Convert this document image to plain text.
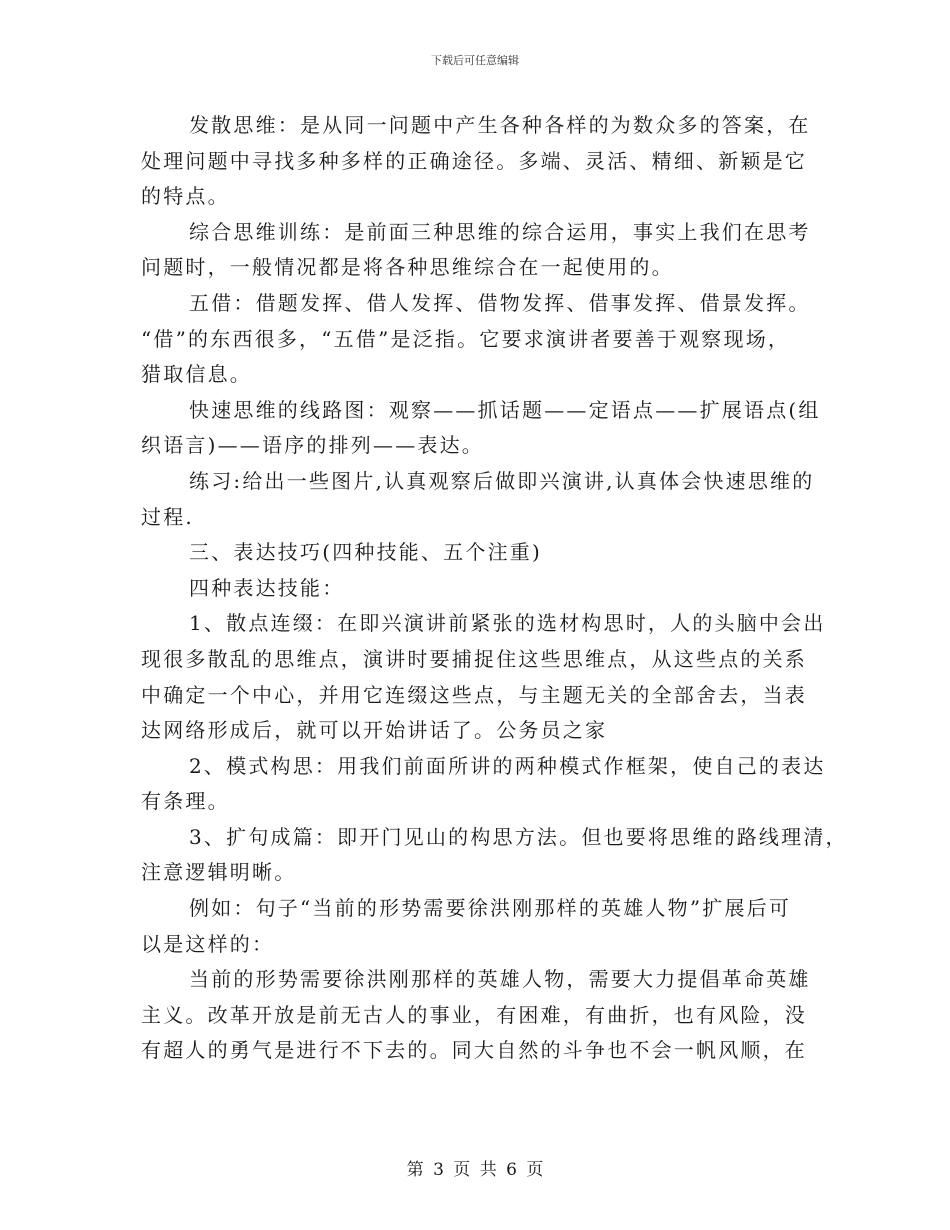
下载后可任意编辑
发散思维：是从同一问题中产生各种各样的为数众多的答案，在
处理问题中寻找多种多样的正确途径。多端、灵活、精细、新颖是它
的特点。
综合思维训练：是前面三种思维的综合运用，事实上我们在思考
问题时，一般情况都是将各种思维综合在一起使用的。
五借：借题发挥、借人发挥、借物发挥、借事发挥、借景发挥。
“借”的东西很多，“五借”是泛指。它要求演讲者要善于观察现场，
猎取信息。
快速思维的线路图：观察——抓话题——定语点——扩展语点(组
织语言)——语序的排列——表达。
练习:给出一些图片,认真观察后做即兴演讲,认真体会快速思维的
过程.
三、表达技巧(四种技能、五个注重)
四种表达技能：
1、散点连缀：在即兴演讲前紧张的选材构思时，人的头脑中会出
现很多散乱的思维点，演讲时要捕捉住这些思维点，从这些点的关系
中确定一个中心，并用它连缀这些点，与主题无关的全部舍去，当表
达网络形成后，就可以开始讲话了。公务员之家
2、模式构思：用我们前面所讲的两种模式作框架，使自己的表达
有条理。
3、扩句成篇：即开门见山的构思方法。但也要将思维的路线理清，
注意逻辑明晰。
例如：句子“当前的形势需要徐洪刚那样的英雄人物”扩展后可
以是这样的：
当前的形势需要徐洪刚那样的英雄人物，需要大力提倡革命英雄
主义。改革开放是前无古人的事业，有困难，有曲折，也有风险，没
有超人的勇气是进行不下去的。同大自然的斗争也不会一帆风顺，在
第 3 页 共 6 页
